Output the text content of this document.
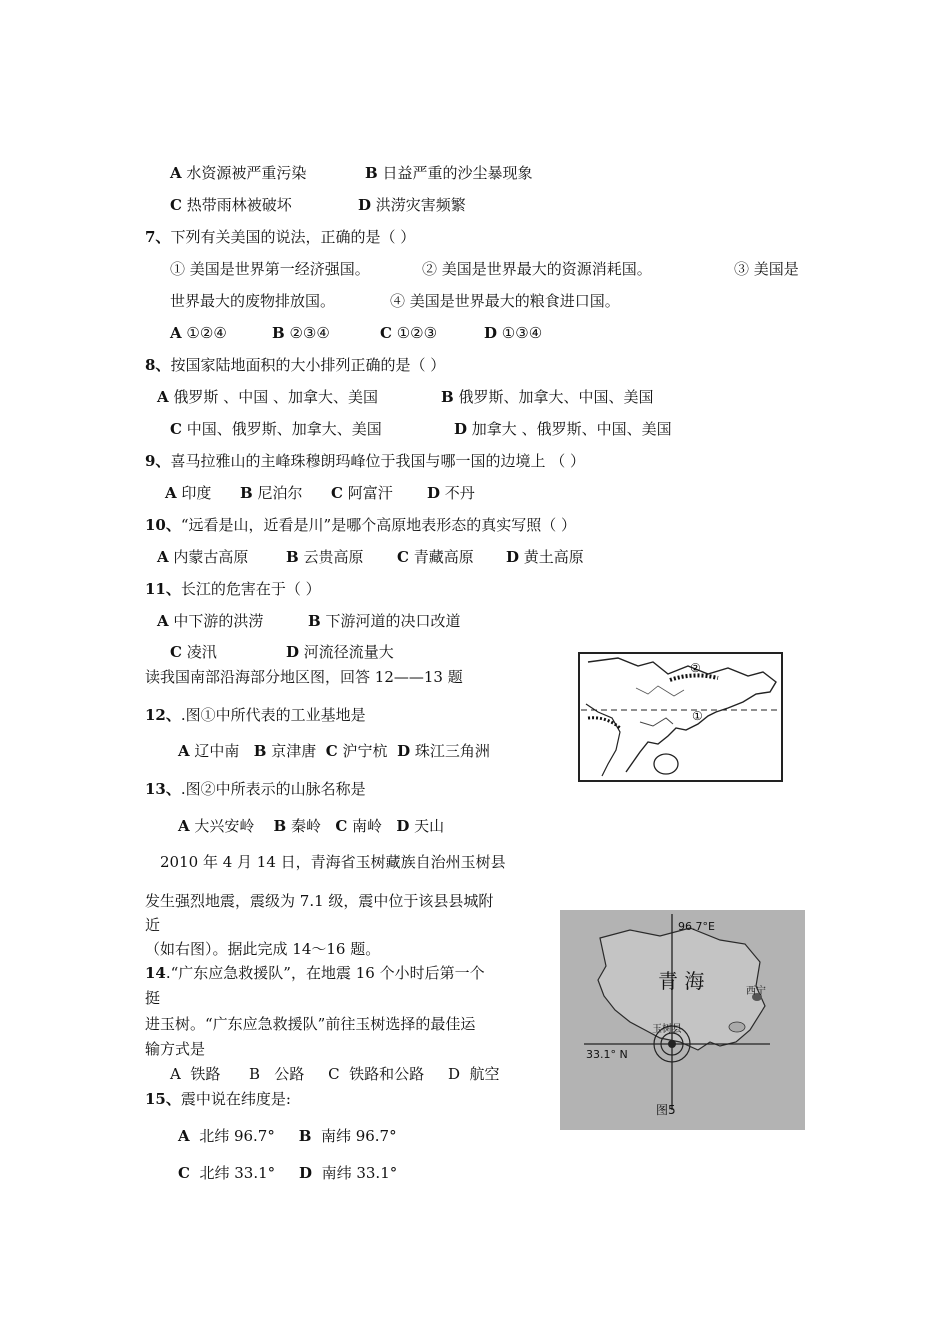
A 水资源被严重污染	B 日益严重的沙尘暴现象
C 热带雨林被破坏	D 洪涝灾害频繁
7、下列有关美国的说法，正确的是（ ）
① 美国是世界第一经济强国。	② 美国是世界最大的资源消耗国。	③ 美国是
世界最大的废物排放国。	④ 美国是世界最大的粮食进口国。
A ①②④	B ②③④	C ①②③	D ①③④
8、按国家陆地面积的大小排列正确的是（ ）
A 俄罗斯 、中国 、加拿大、美国	B 俄罗斯、加拿大、中国、美国
C 中国、俄罗斯、加拿大、美国	D 加拿大 、俄罗斯、中国、美国
9、喜马拉雅山的主峰珠穆朗玛峰位于我国与哪一国的边境上 （ ）
A 印度 B 尼泊尔 C 阿富汗 D 不丹
10、“远看是山，近看是川”是哪个高原地表形态的真实写照（ ）
A 内蒙古高原	B 云贵高原 C 青藏高原 D 黄土高原
11、长江的危害在于（ ）
A 中下游的洪涝	B 下游河道的决口改道
C 凌汛	D 河流径流量大
读我国南部沿海部分地区图，回答 12——13 题
12、.图①中所代表的工业基地是
A 辽中南 B 京津唐 C 沪宁杭 D 珠江三角洲
13、.图②中所表示的山脉名称是
A 大兴安岭 B 秦岭 C 南岭 D 天山
2010 年 4 月 14 日，青海省玉树藏族自治州玉树县
发生强烈地震，震级为 7.1 级，震中位于该县县城附
近
（如右图）。据此完成 14～16 题。
14.“广东应急救援队”，在地震 16 个小时后第一个
挺
进玉树。“广东应急救援队”前往玉树选择的最佳运
输方式是
A  铁路      B   公路     C  铁路和公路     D  航空
15、震中说在纬度是:
A 北纬 96.7° B 南纬 96.7°
C 北纬 33.1° D 南纬 33.1°
②
①
96.7°E
33.1° N
青 海	西宁
玉树县
图5
